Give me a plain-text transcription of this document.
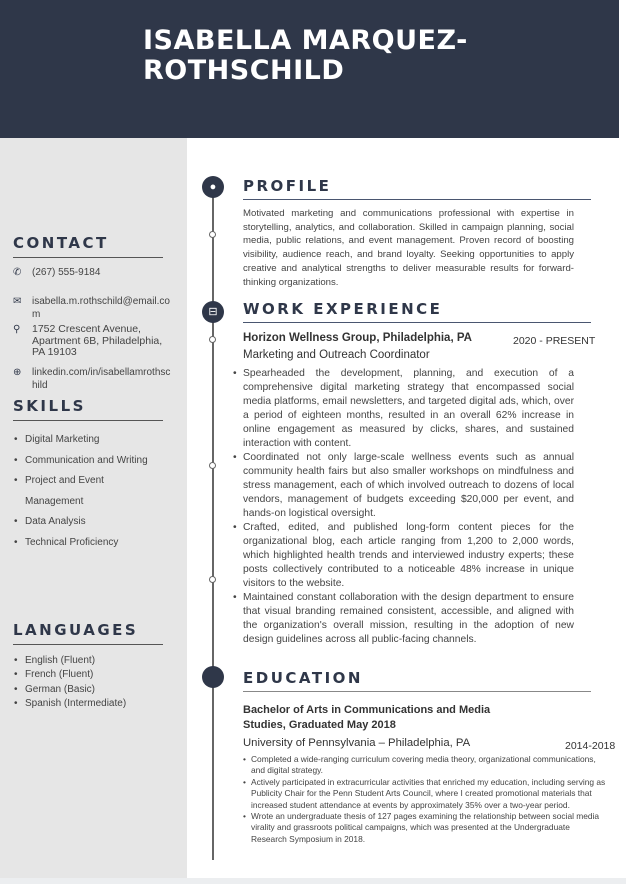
ISABELLA MARQUEZ-ROTHSCHILD
CONTACT
✆	(267) 555-9184
✉	isabella.m.rothschild@email.com
⚲	1752 Crescent Avenue, Apartment 6B, Philadelphia, PA 19103
⊕	linkedin.com/in/isabellamrothschild
SKILLS
• Digital Marketing
• Communication and Writing
• Project and Event Management
• Data Analysis
• Technical Proficiency
LANGUAGES
• English (Fluent)
• French (Fluent)
• German (Basic)
• Spanish (Intermediate)
●
⊟
PROFILE
Motivated marketing and communications professional with expertise in storytelling, analytics, and collaboration. Skilled in campaign planning, social media, public relations, and event management. Proven record of boosting visibility, audience reach, and brand loyalty. Seeking opportunities to apply creative and analytical strengths to deliver measurable results for forward-thinking organizations.
WORK EXPERIENCE
Horizon Wellness Group, Philadelphia, PA	2020 - PRESENT
Marketing and Outreach Coordinator
• Spearheaded the development, planning, and execution of a comprehensive digital marketing strategy that encompassed social media platforms, email newsletters, and targeted digital ads, which, over a period of eighteen months, resulted in an overall 62% increase in online engagement as measured by clicks, shares, and sustained interaction with content.
• Coordinated not only large-scale wellness events such as annual community health fairs but also smaller workshops on mindfulness and stress management, each of which involved outreach to dozens of local vendors, management of budgets exceeding $20,000 per event, and hands-on logistical oversight.
• Crafted, edited, and published long-form content pieces for the organizational blog, each article ranging from 1,200 to 2,000 words, which highlighted health trends and interviewed industry experts; these posts collectively contributed to a noticeable 48% increase in unique visitors to the website.
• Maintained constant collaboration with the design department to ensure that visual branding remained consistent, accessible, and aligned with the organization's overall mission, resulting in the adoption of new design guidelines across all public-facing channels.
EDUCATION
Bachelor of Arts in Communications and Media Studies, Graduated May 2018
University of Pennsylvania – Philadelphia, PA	2014-2018
• Completed a wide-ranging curriculum covering media theory, organizational communications, and digital strategy.
• Actively participated in extracurricular activities that enriched my education, including serving as Publicity Chair for the Penn Student Arts Council, where I created promotional materials that increased student attendance at events by approximately 35% over a two-year period.
• Wrote an undergraduate thesis of 127 pages examining the relationship between social media virality and grassroots political campaigns, which was presented at the Undergraduate Research Symposium in 2018.
